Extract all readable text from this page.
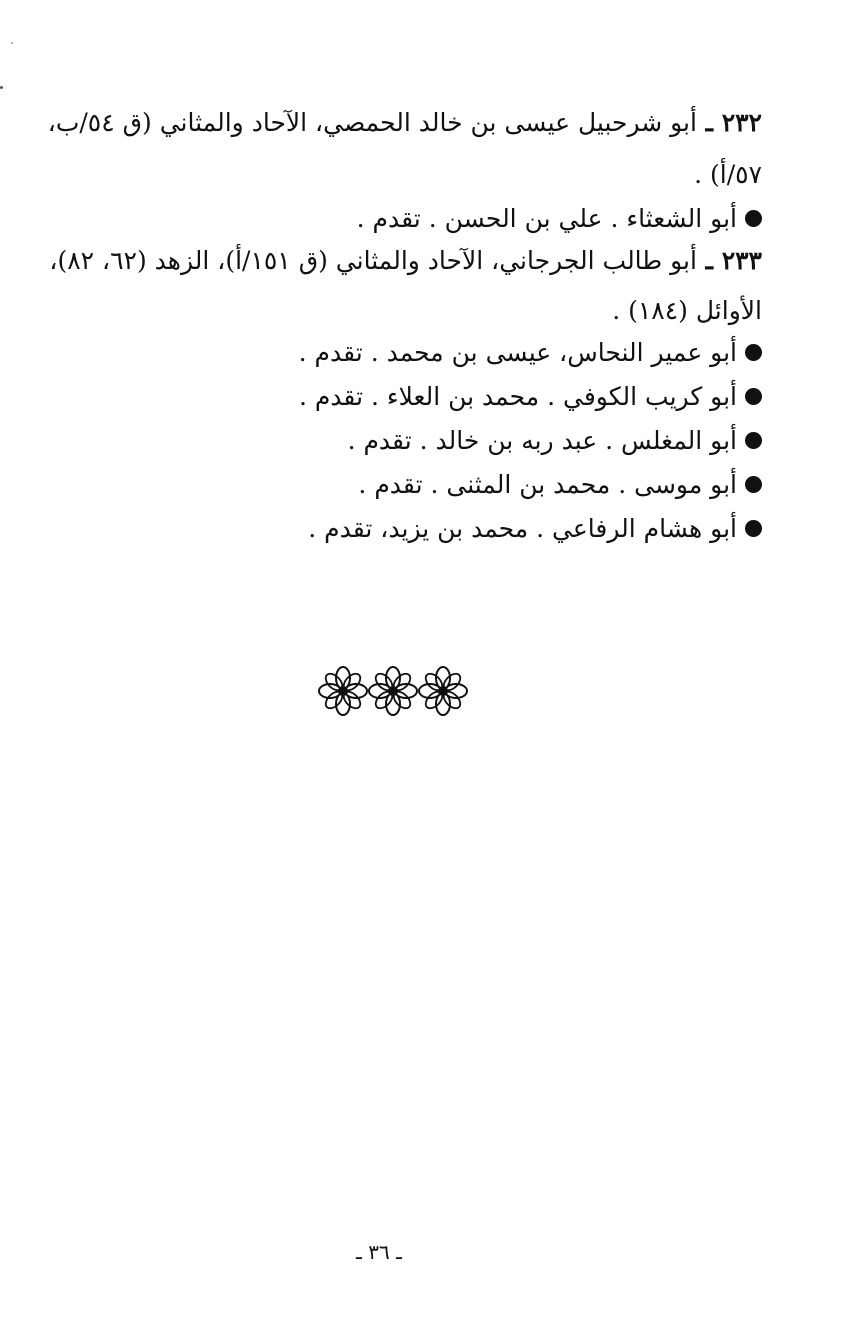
٢٣٢ ـ أبو شرحبيل عيسى بن خالد الحمصي، الآحاد والمثاني (ق ٥٤/ب،
٥٧/أ) .
أبو الشعثاء . علي بن الحسن . تقدم .
٢٣٣ ـ أبو طالب الجرجاني، الآحاد والمثاني (ق ١٥١/أ)، الزهد (٦٢، ٨٢)،
الأوائل (١٨٤) .
أبو عمير النحاس، عيسى بن محمد . تقدم .
أبو كريب الكوفي . محمد بن العلاء . تقدم .
أبو المغلس . عبد ربه بن خالد . تقدم .
أبو موسى . محمد بن المثنى . تقدم .
أبو هشام الرفاعي . محمد بن يزيد، تقدم .
ـ ٣٦ ـ
